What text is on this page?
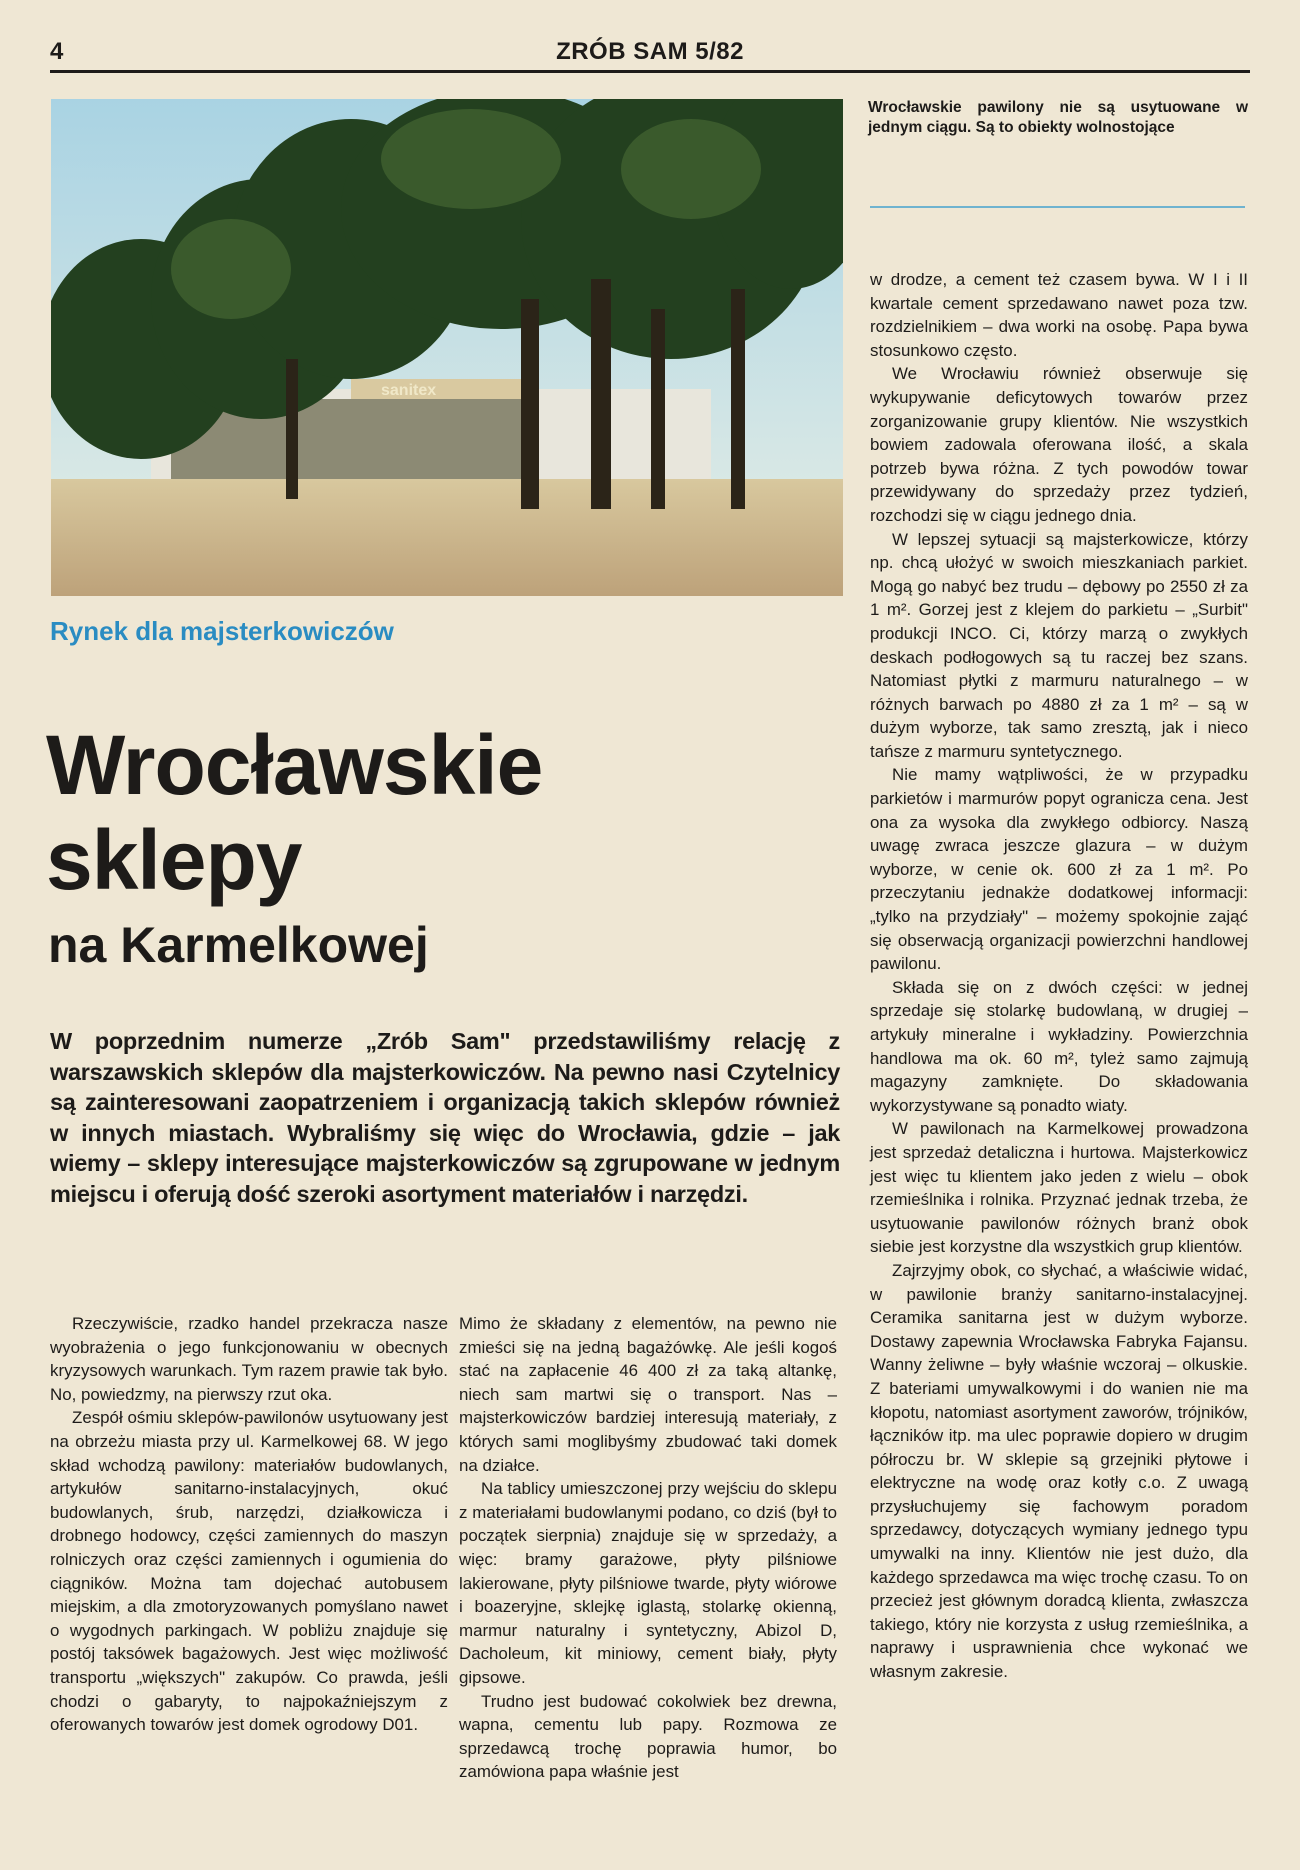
4	ZRÓB SAM 5/82
sanitex
Wrocławskie pawilony nie są usytuowane w jednym ciągu. Są to obiekty wolnostojące
Rynek dla majsterkowiczów
Wrocławskie
sklepy
na Karmelkowej
W poprzednim numerze „Zrób Sam" przedstawiliśmy relację z warszawskich sklepów dla majsterkowiczów. Na pewno nasi Czytelnicy są zainteresowani zaopatrzeniem i organizacją takich sklepów również w innych miastach. Wybraliśmy się więc do Wrocławia, gdzie – jak wiemy – sklepy interesujące majsterkowiczów są zgrupowane w jednym miejscu i oferują dość szeroki asortyment materiałów i narzędzi.

Rzeczywiście, rzadko handel przekracza nasze wyobrażenia o jego funkcjonowaniu w obecnych kryzysowych warunkach. Tym razem prawie tak było. No, powiedzmy, na pierwszy rzut oka.

Zespół ośmiu sklepów-pawilonów usytuowany jest na obrzeżu miasta przy ul. Karmelkowej 68. W jego skład wchodzą pawilony: materiałów budowlanych, artykułów sanitarno-instalacyjnych, okuć budowlanych, śrub, narzędzi, działkowicza i drobnego hodowcy, części zamiennych do maszyn rolniczych oraz części zamiennych i ogumienia do ciągników. Można tam dojechać autobusem miejskim, a dla zmotoryzowanych pomyślano nawet o wygodnych parkingach. W pobliżu znajduje się postój taksówek bagażowych. Jest więc możliwość transportu „większych" zakupów. Co prawda, jeśli chodzi o gabaryty, to najpokaźniejszym z oferowanych towarów jest domek ogrodowy D01.

Mimo że składany z elementów, na pewno nie zmieści się na jedną bagażówkę. Ale jeśli kogoś stać na zapłacenie 46 400 zł za taką altankę, niech sam martwi się o transport. Nas – majsterkowiczów bardziej interesują materiały, z których sami moglibyśmy zbudować taki domek na działce.

Na tablicy umieszczonej przy wejściu do sklepu z materiałami budowlanymi podano, co dziś (był to początek sierpnia) znajduje się w sprzedaży, a więc: bramy garażowe, płyty pilśniowe lakierowane, płyty pilśniowe twarde, płyty wiórowe i boazeryjne, sklejkę iglastą, stolarkę okienną, marmur naturalny i syntetyczny, Abizol D, Dacholeum, kit miniowy, cement biały, płyty gipsowe.

Trudno jest budować cokolwiek bez drewna, wapna, cementu lub papy. Rozmowa ze sprzedawcą trochę poprawia humor, bo zamówiona papa właśnie jest

w drodze, a cement też czasem bywa. W I i II kwartale cement sprzedawano nawet poza tzw. rozdzielnikiem – dwa worki na osobę. Papa bywa stosunkowo często.

We Wrocławiu również obserwuje się wykupywanie deficytowych towarów przez zorganizowanie grupy klientów. Nie wszystkich bowiem zadowala oferowana ilość, a skala potrzeb bywa różna. Z tych powodów towar przewidywany do sprzedaży przez tydzień, rozchodzi się w ciągu jednego dnia.

W lepszej sytuacji są majsterkowicze, którzy np. chcą ułożyć w swoich mieszkaniach parkiet. Mogą go nabyć bez trudu – dębowy po 2550 zł za 1 m². Gorzej jest z klejem do parkietu – „Surbit" produkcji INCO. Ci, którzy marzą o zwykłych deskach podłogowych są tu raczej bez szans. Natomiast płytki z marmuru naturalnego – w różnych barwach po 4880 zł za 1 m² – są w dużym wyborze, tak samo zresztą, jak i nieco tańsze z marmuru syntetycznego.

Nie mamy wątpliwości, że w przypadku parkietów i marmurów popyt ogranicza cena. Jest ona za wysoka dla zwykłego odbiorcy. Naszą uwagę zwraca jeszcze glazura – w dużym wyborze, w cenie ok. 600 zł za 1 m². Po przeczytaniu jednakże dodatkowej informacji: „tylko na przydziały" – możemy spokojnie zająć się obserwacją organizacji powierzchni handlowej pawilonu.

Składa się on z dwóch części: w jednej sprzedaje się stolarkę budowlaną, w drugiej – artykuły mineralne i wykładziny. Powierzchnia handlowa ma ok. 60 m², tyleż samo zajmują magazyny zamknięte. Do składowania wykorzystywane są ponadto wiaty.

W pawilonach na Karmelkowej prowadzona jest sprzedaż detaliczna i hurtowa. Majsterkowicz jest więc tu klientem jako jeden z wielu – obok rzemieślnika i rolnika. Przyznać jednak trzeba, że usytuowanie pawilonów różnych branż obok siebie jest korzystne dla wszystkich grup klientów.

Zajrzyjmy obok, co słychać, a właściwie widać, w pawilonie branży sanitarno-instalacyjnej. Ceramika sanitarna jest w dużym wyborze. Dostawy zapewnia Wrocławska Fabryka Fajansu. Wanny żeliwne – były właśnie wczoraj – olkuskie. Z bateriami umywalkowymi i do wanien nie ma kłopotu, natomiast asortyment zaworów, trójników, łączników itp. ma ulec poprawie dopiero w drugim półroczu br. W sklepie są grzejniki płytowe i elektryczne na wodę oraz kotły c.o. Z uwagą przysłuchujemy się fachowym poradom sprzedawcy, dotyczących wymiany jednego typu umywalki na inny. Klientów nie jest dużo, dla każdego sprzedawca ma więc trochę czasu. To on przecież jest głównym doradcą klienta, zwłaszcza takiego, który nie korzysta z usług rzemieślnika, a naprawy i usprawnienia chce wykonać we własnym zakresie.
